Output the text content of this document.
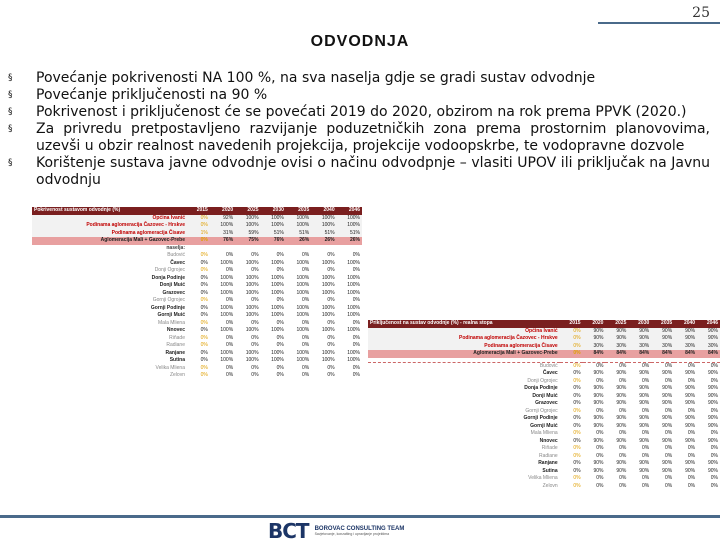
25
ODVODNJA
§ Povećanje pokrivenosti NA 100 %, na sva naselja gdje se gradi sustav odvodnje
§ Povećanje priključenosti na 90 %
§ Pokrivenost i priključenost će se povećati 2019 do 2020, obzirom na rok prema PPVK (2020.)
§ Za privredu pretpostavljeno razvijanje poduzetničkih zona prema prostornim planovovima, uzevši u obzir realnost navedenih projekcija, projekcije vodoopskrbe, te vodopravne dozvole
§ Korištenje sustava javne odvodnje ovisi o načinu odvodpnje – vlasiti UPOV ili priključak na Javnu odvodnju
Pokrivenost sustavom odvodnje (%)	2015	2020	2025	2030	2035	2040	2046
Općina Ivanić	0%	92%	100%	100%	100%	100%	100%
Podinama aglomeracija Čazovec - Hrskve	0%	100%	100%	100%	100%	100%	100%
Podinama aglomeracija Čisave	1%	31%	59%	51%	51%	51%	51%
Aglomeracija Mali + Gazovec-Prebe	0%	76%	75%	76%	26%	26%	26%
naselja:							
Budović	0%	0%	0%	0%	0%	0%	0%
Čavec	0%	100%	100%	100%	100%	100%	100%
Donji Ogrojec	0%	0%	0%	0%	0%	0%	0%
Donja Podinje	0%	100%	100%	100%	100%	100%	100%
Donji Muić	0%	100%	100%	100%	100%	100%	100%
Grazovec	0%	100%	100%	100%	100%	100%	100%
Gornji Ogrojec	0%	0%	0%	0%	0%	0%	0%
Gornji Podinje	0%	100%	100%	100%	100%	100%	100%
Gornji Muić	0%	100%	100%	100%	100%	100%	100%
Mala Mliena	0%	0%	0%	0%	0%	0%	0%
Nnovec	0%	100%	100%	100%	100%	100%	100%
Riňade	0%	0%	0%	0%	0%	0%	0%
Radiane	0%	0%	0%	0%	0%	0%	0%
Ranjane	0%	100%	100%	100%	100%	100%	100%
Sutina	0%	100%	100%	100%	100%	100%	100%
Velika Mliena	0%	0%	0%	0%	0%	0%	0%
Zelovn	0%	0%	0%	0%	0%	0%	0%
Priključenost na sustav odvodnje (%) - realna stopa	2015	2020	2025	2030	2035	2040	2046
Općina Ivanić	0%	90%	90%	90%	90%	90%	90%
Podinama aglomeracija Čazovec - Hrskve	0%	90%	90%	90%	90%	90%	90%
Podinama aglomeracija Čisave	0%	30%	30%	30%	30%	30%	30%
Aglomeracija Mali + Gazovec-Prebe	0%	84%	84%	84%	84%	84%	84%

Budović	0%	0%	0%	0%	0%	0%	0%
Čavec	0%	90%	90%	90%	90%	90%	90%
Donji Ogrojec	0%	0%	0%	0%	0%	0%	0%
Donja Podinje	0%	90%	90%	90%	90%	90%	90%
Donji Muić	0%	90%	90%	90%	90%	90%	90%
Grazovec	0%	90%	90%	90%	90%	90%	90%
Gornji Ogrojec	0%	0%	0%	0%	0%	0%	0%
Gornji Podinje	0%	90%	90%	90%	90%	90%	90%
Gornji Muić	0%	90%	90%	90%	90%	90%	90%
Mala Mliena	0%	0%	0%	0%	0%	0%	0%
Nnovec	0%	90%	90%	90%	90%	90%	90%
Riňade	0%	0%	0%	0%	0%	0%	0%
Radiane	0%	0%	0%	0%	0%	0%	0%
Ranjane	0%	90%	90%	90%	90%	90%	90%
Sutina	0%	90%	90%	90%	90%	90%	90%
Velika Mliena	0%	0%	0%	0%	0%	0%	0%
Zelovn	0%	0%	0%	0%	0%	0%	0%
BCT BOROVAC CONSULTING TEAM
Savjetovanje, konzalting i upravljanje projektima
